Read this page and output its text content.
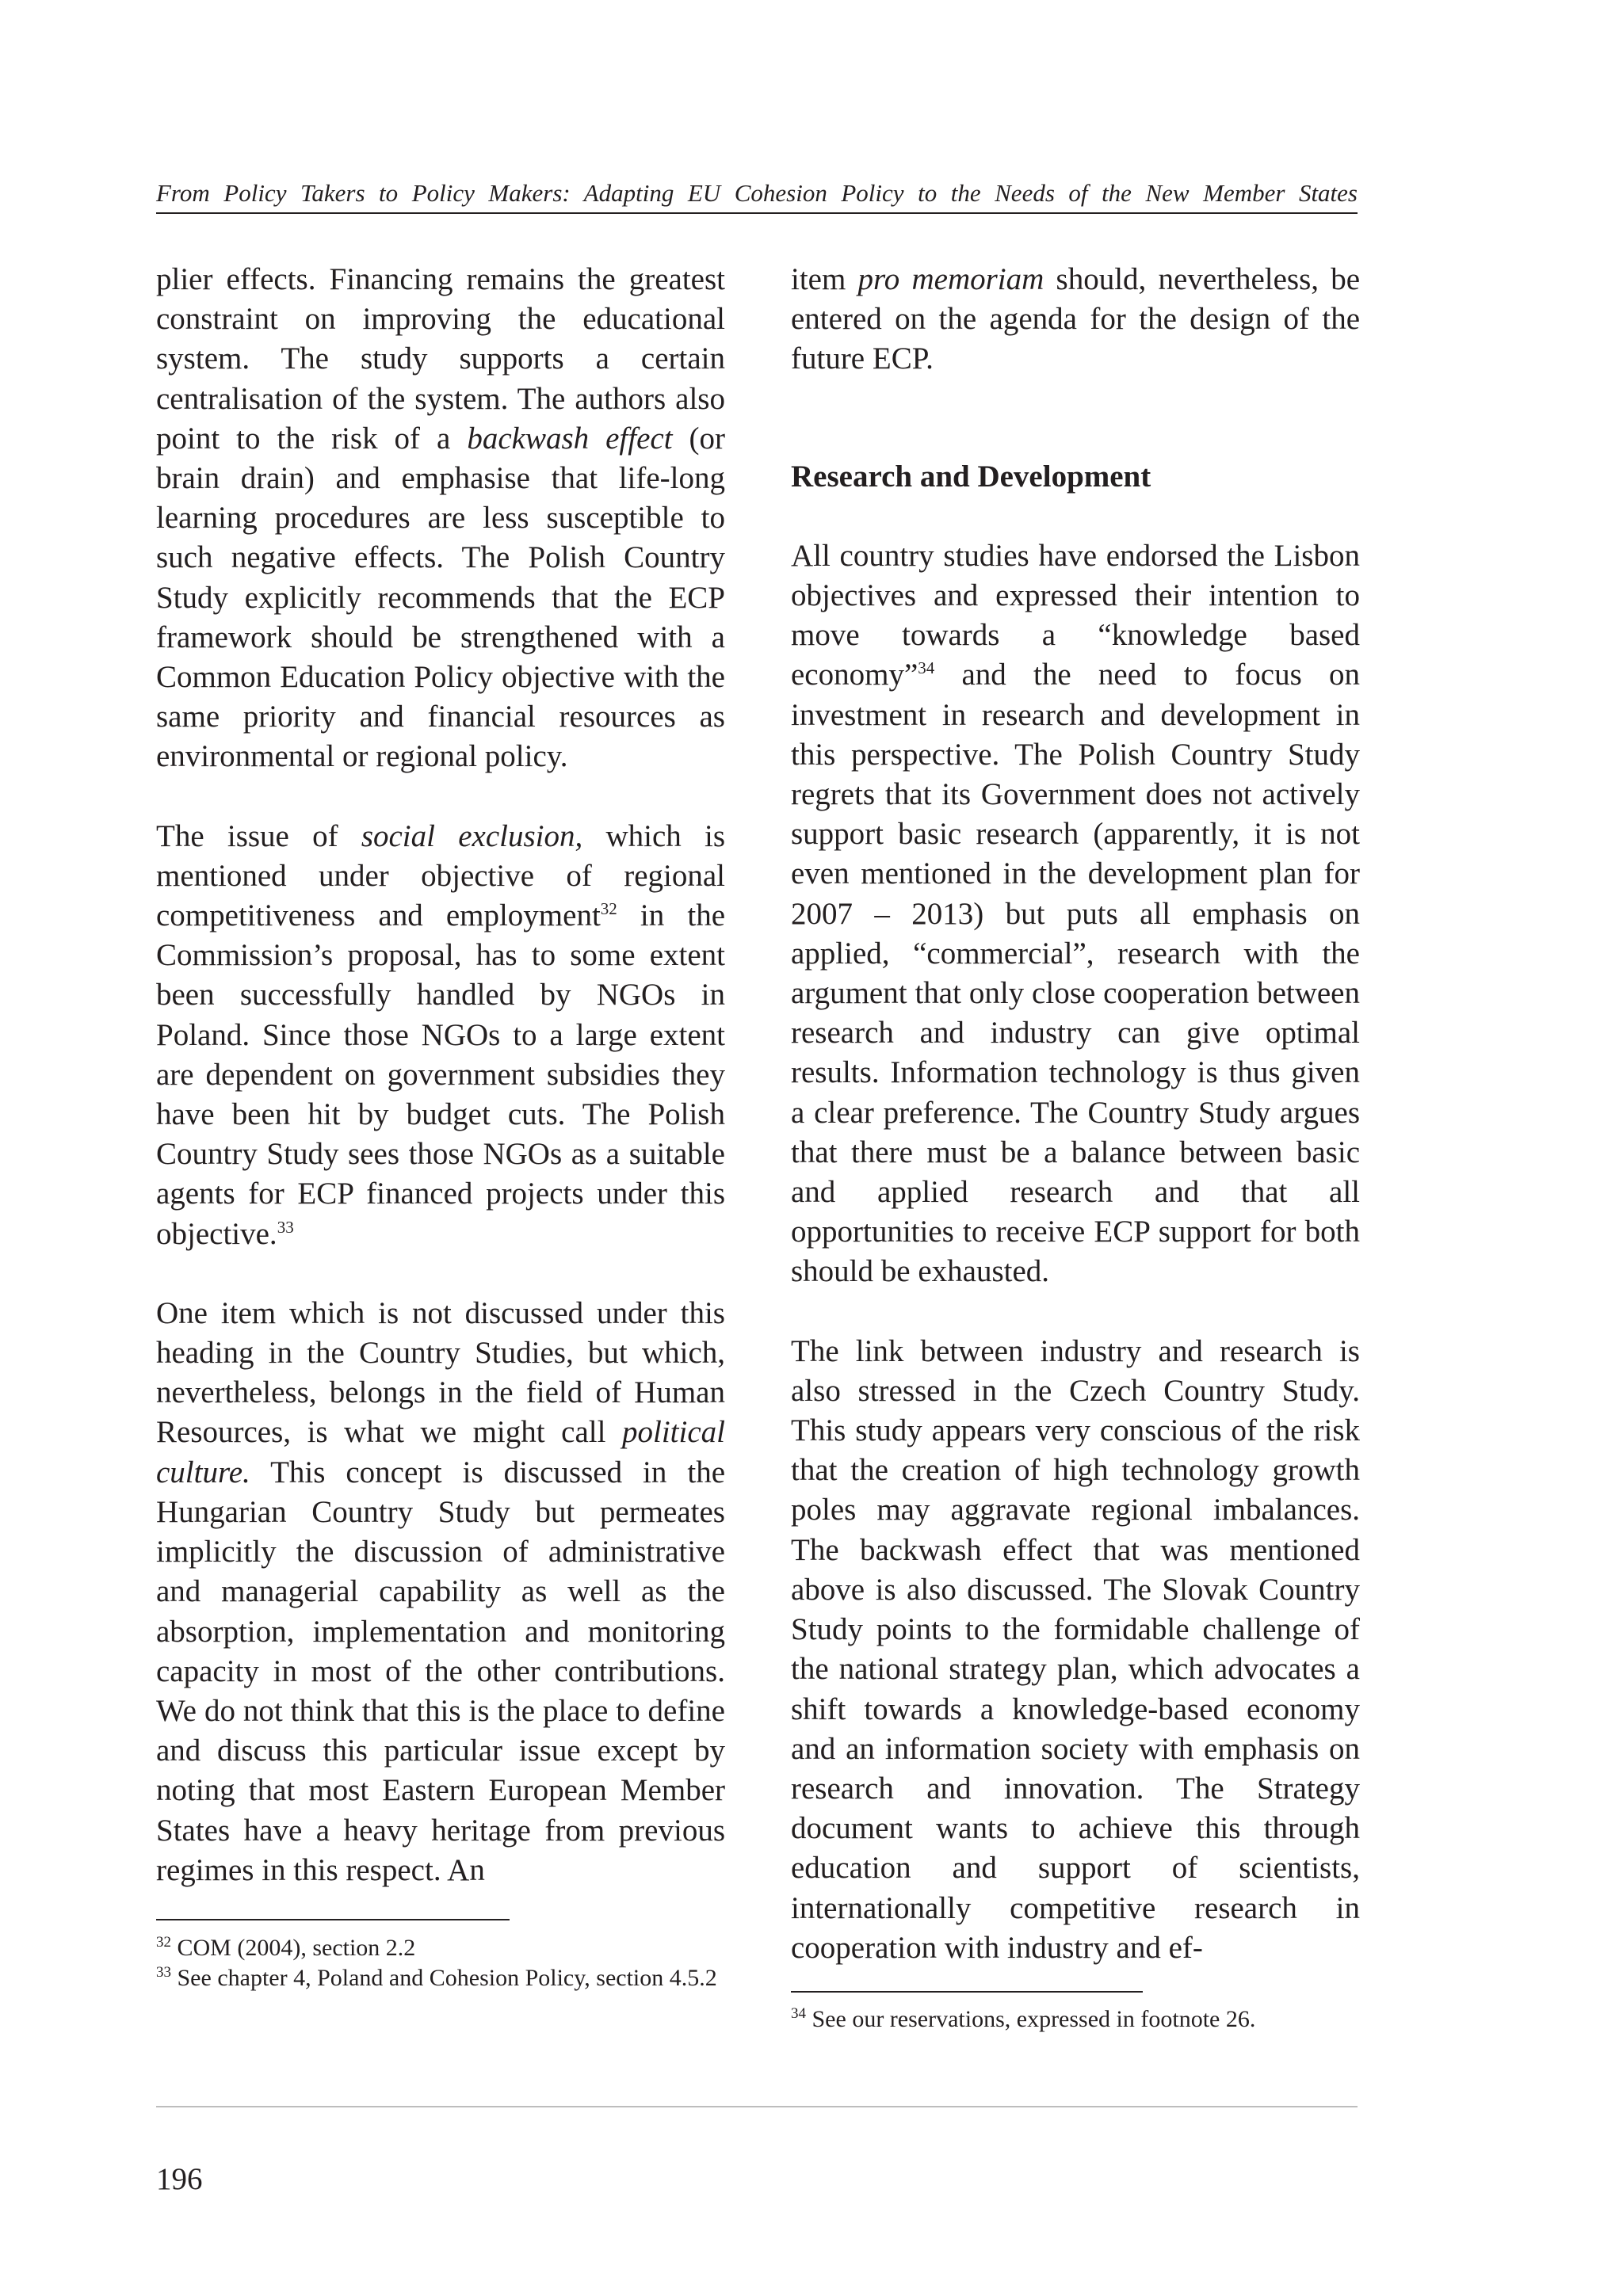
From Policy Takers to Policy Makers: Adapting EU Cohesion Policy to the Needs of the New Member States

plier effects. Financing remains the greatest constraint on improving the educational system. The study supports a certain centralisation of the system. The authors also point to the risk of a backwash effect (or brain drain) and emphasise that life-long learning procedures are less susceptible to such negative effects. The Polish Country Study explicitly recommends that the ECP framework should be strengthened with a Common Education Policy objective with the same priority and financial resources as environmental or regional policy.

The issue of social exclusion, which is mentioned under objective of regional competitiveness and employment$^{32}$ in the Commission’s proposal, has to some extent been successfully handled by NGOs in Poland. Since those NGOs to a large extent are dependent on government subsidies they have been hit by budget cuts. The Polish Country Study sees those NGOs as a suitable agents for ECP financed projects under this objective.$^{33}$

One item which is not discussed under this heading in the Country Studies, but which, nevertheless, belongs in the field of Human Resources, is what we might call political culture. This concept is discussed in the Hungarian Country Study but permeates implicitly the discussion of administrative and managerial capability as well as the absorption, implementation and monitoring capacity in most of the other contributions. We do not think that this is the place to define and discuss this particular issue except by noting that most Eastern European Member States have a heavy heritage from previous regimes in this respect. An

item pro memoriam should, nevertheless, be entered on the agenda for the design of the future ECP.

Research and Development

All country studies have endorsed the Lisbon objectives and expressed their intention to move towards a “knowledge based economy”$^{34}$ and the need to focus on investment in research and development in this perspective. The Polish Country Study regrets that its Government does not actively support basic research (apparently, it is not even mentioned in the development plan for 2007 – 2013) but puts all emphasis on applied, “commercial”, research with the argument that only close cooperation between research and industry can give optimal results. Information technology is thus given a clear preference. The Country Study argues that there must be a balance between basic and applied research and that all opportunities to receive ECP support for both should be exhausted.

The link between industry and research is also stressed in the Czech Country Study. This study appears very conscious of the risk that the creation of high technology growth poles may aggravate regional imbalances. The backwash effect that was mentioned above is also discussed. The Slovak Country Study points to the formidable challenge of the national strategy plan, which advocates a shift towards a knowledge-based economy and an information society with emphasis on research and innovation. The Strategy document wants to achieve this through education and support of scientists, internationally competitive research in cooperation with industry and ef-

$^{32}$ COM (2004), section 2.2

$^{33}$ See chapter 4, Poland and Cohesion Policy, section 4.5.2

$^{34}$ See our reservations, expressed in footnote 26.

196
